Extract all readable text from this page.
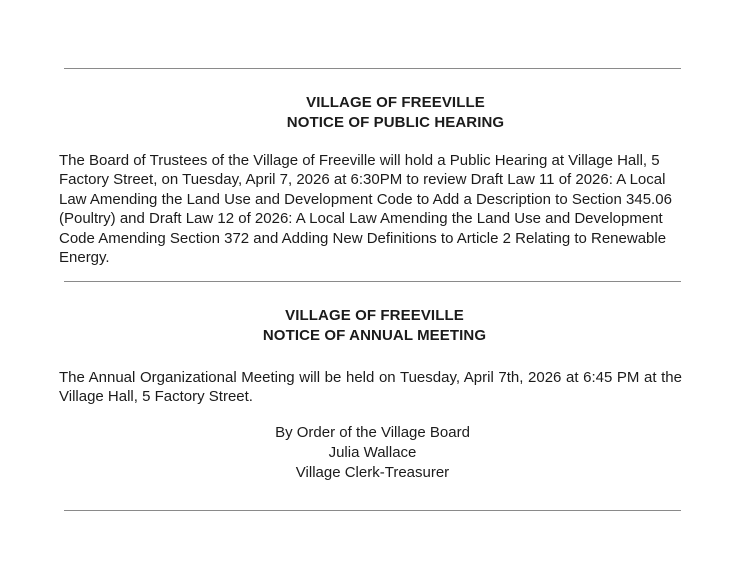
VILLAGE OF FREEVILLE
NOTICE OF PUBLIC HEARING
The Board of Trustees of the Village of Freeville will hold a Public Hearing at Village Hall, 5
Factory Street, on Tuesday, April 7, 2026 at 6:30PM to review Draft Law 11 of 2026: A Local
Law Amending the Land Use and Development Code to Add a Description to Section 345.06
(Poultry) and Draft Law 12 of 2026: A Local Law Amending the Land Use and Development
Code Amending Section 372 and Adding New Definitions to Article 2 Relating to Renewable
Energy.
VILLAGE OF FREEVILLE
NOTICE OF ANNUAL MEETING
The Annual Organizational Meeting will be held on Tuesday, April 7th, 2026 at 6:45 PM at the
Village Hall, 5 Factory Street.
By Order of the Village Board
Julia Wallace
Village Clerk-Treasurer
